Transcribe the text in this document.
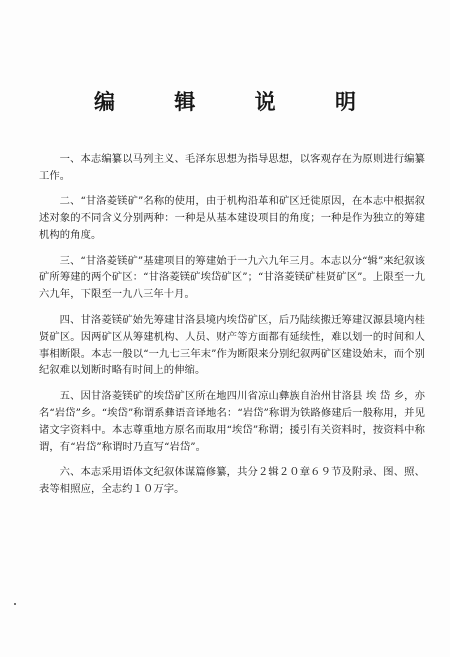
编 辑 说 明

一、本志编纂以马列主义、毛泽东思想为指导思想，以客观存在为原则进行编纂工作。

二、“甘洛菱镁矿”名称的使用，由于机构沿革和矿区迁徙原因，在本志中根据叙述对象的不同含义分别两种：一种是从基本建设项目的角度；一种是作为独立的筹建机构的角度。

三、“甘洛菱镁矿”基建项目的筹建始于一九六九年三月。本志以分“辑”来纪叙该矿所筹建的两个矿区：“甘洛菱镁矿埃岱矿区”；“甘洛菱镁矿桂贤矿区”。上限至一九六九年，下限至一九八三年十月。

四、甘洛菱镁矿始先筹建甘洛县境内埃岱矿区，后乃陆续搬迁筹建汉源县境内桂贤矿区。因两矿区从筹建机构、人员、财产等方面都有延续性，难以划一的时间和人事相断限。本志一般以“一九七三年末”作为断限来分别纪叙两矿区建设始末，而个别纪叙难以划断时略有时间上的伸缩。

五、因甘洛菱镁矿的埃岱矿区所在地四川省凉山彝族自治州甘洛县 埃 岱 乡，亦名“岩岱”乡。“埃岱”称谓系彝语音译地名：“岩岱”称谓为铁路修建后一般称用，并见诸文字资料中。本志尊重地方原名而取用“埃岱”称谓；援引有关资料时，按资料中称谓，有“岩岱”称谓时乃直写“岩岱”。

六、本志采用语体文纪叙体谋篇修纂，共分２辑２０章６９节及附录、图、照、表等相照应，全志约１０万字。
